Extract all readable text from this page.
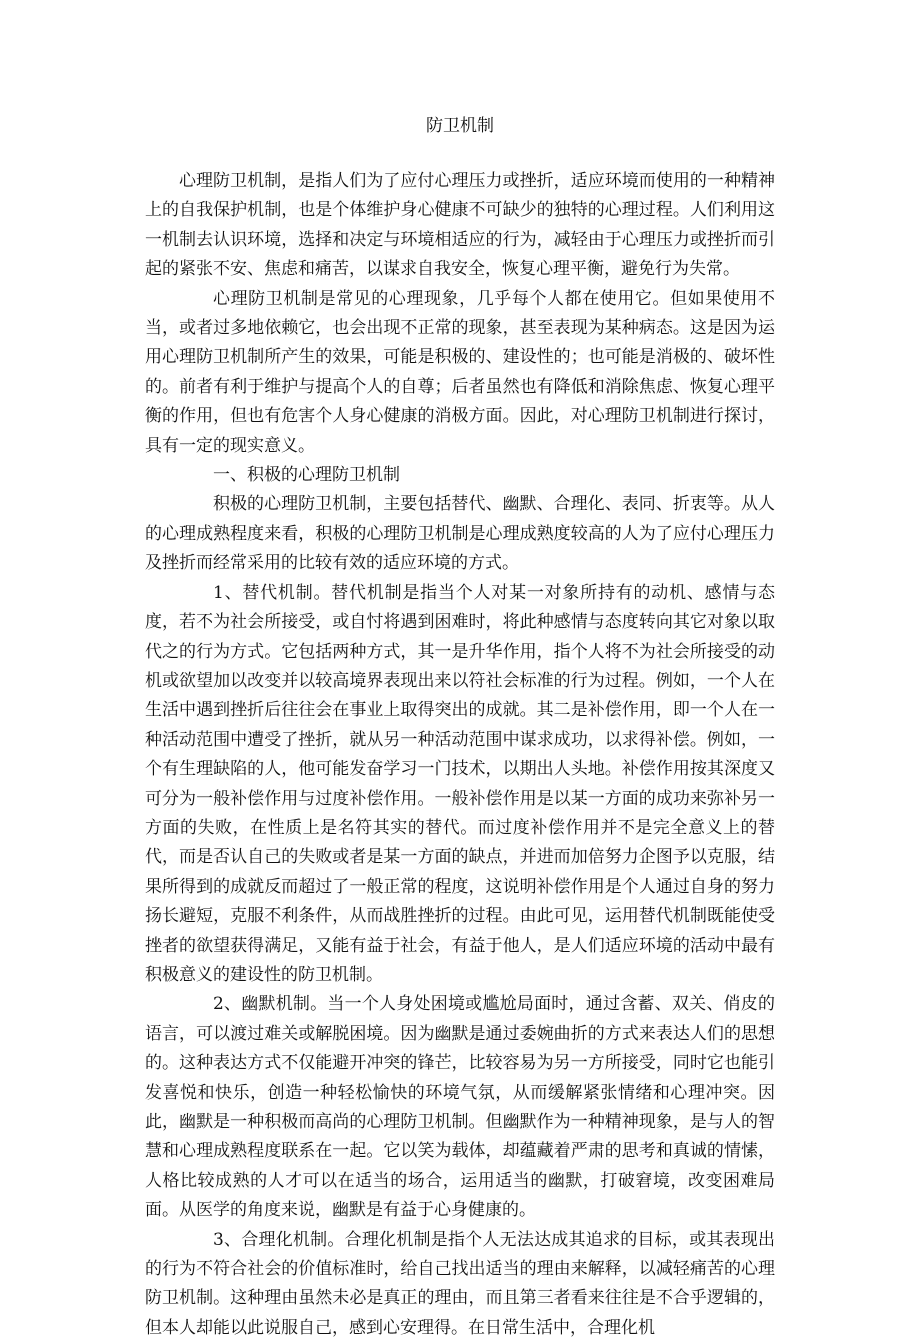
防卫机制

心理防卫机制，是指人们为了应付心理压力或挫折，适应环境而使用的一种精神上的自我保护机制，也是个体维护身心健康不可缺少的独特的心理过程。人们利用这一机制去认识环境，选择和决定与环境相适应的行为，减轻由于心理压力或挫折而引起的紧张不安、焦虑和痛苦，以谋求自我安全，恢复心理平衡，避免行为失常。

心理防卫机制是常见的心理现象，几乎每个人都在使用它。但如果使用不当，或者过多地依赖它，也会出现不正常的现象，甚至表现为某种病态。这是因为运用心理防卫机制所产生的效果，可能是积极的、建设性的；也可能是消极的、破坏性的。前者有利于维护与提高个人的自尊；后者虽然也有降低和消除焦虑、恢复心理平衡的作用，但也有危害个人身心健康的消极方面。因此，对心理防卫机制进行探讨，具有一定的现实意义。

一、积极的心理防卫机制

积极的心理防卫机制，主要包括替代、幽默、合理化、表同、折衷等。从人的心理成熟程度来看，积极的心理防卫机制是心理成熟度较高的人为了应付心理压力及挫折而经常采用的比较有效的适应环境的方式。

1、替代机制。替代机制是指当个人对某一对象所持有的动机、感情与态度，若不为社会所接受，或自忖将遇到困难时，将此种感情与态度转向其它对象以取代之的行为方式。它包括两种方式，其一是升华作用，指个人将不为社会所接受的动机或欲望加以改变并以较高境界表现出来以符社会标准的行为过程。例如，一个人在生活中遇到挫折后往往会在事业上取得突出的成就。其二是补偿作用，即一个人在一种活动范围中遭受了挫折，就从另一种活动范围中谋求成功，以求得补偿。例如，一个有生理缺陷的人，他可能发奋学习一门技术，以期出人头地。补偿作用按其深度又可分为一般补偿作用与过度补偿作用。一般补偿作用是以某一方面的成功来弥补另一方面的失败，在性质上是名符其实的替代。而过度补偿作用并不是完全意义上的替代，而是否认自己的失败或者是某一方面的缺点，并进而加倍努力企图予以克服，结果所得到的成就反而超过了一般正常的程度，这说明补偿作用是个人通过自身的努力扬长避短，克服不利条件，从而战胜挫折的过程。由此可见，运用替代机制既能使受挫者的欲望获得满足，又能有益于社会，有益于他人，是人们适应环境的活动中最有积极意义的建设性的防卫机制。

2、幽默机制。当一个人身处困境或尴尬局面时，通过含蓄、双关、俏皮的语言，可以渡过难关或解脱困境。因为幽默是通过委婉曲折的方式来表达人们的思想的。这种表达方式不仅能避开冲突的锋芒，比较容易为另一方所接受，同时它也能引发喜悦和快乐，创造一种轻松愉快的环境气氛，从而缓解紧张情绪和心理冲突。因此，幽默是一种积极而高尚的心理防卫机制。但幽默作为一种精神现象，是与人的智慧和心理成熟程度联系在一起。它以笑为载体，却蕴藏着严肃的思考和真诚的情愫，人格比较成熟的人才可以在适当的场合，运用适当的幽默，打破窘境，改变困难局面。从医学的角度来说，幽默是有益于心身健康的。

3、合理化机制。合理化机制是指个人无法达成其追求的目标，或其表现出的行为不符合社会的价值标准时，给自己找出适当的理由来解释，以减轻痛苦的心理防卫机制。这种理由虽然未必是真正的理由，而且第三者看来往往是不合乎逻辑的，但本人却能以此说服自己，感到心安理得。在日常生活中，合理化机
